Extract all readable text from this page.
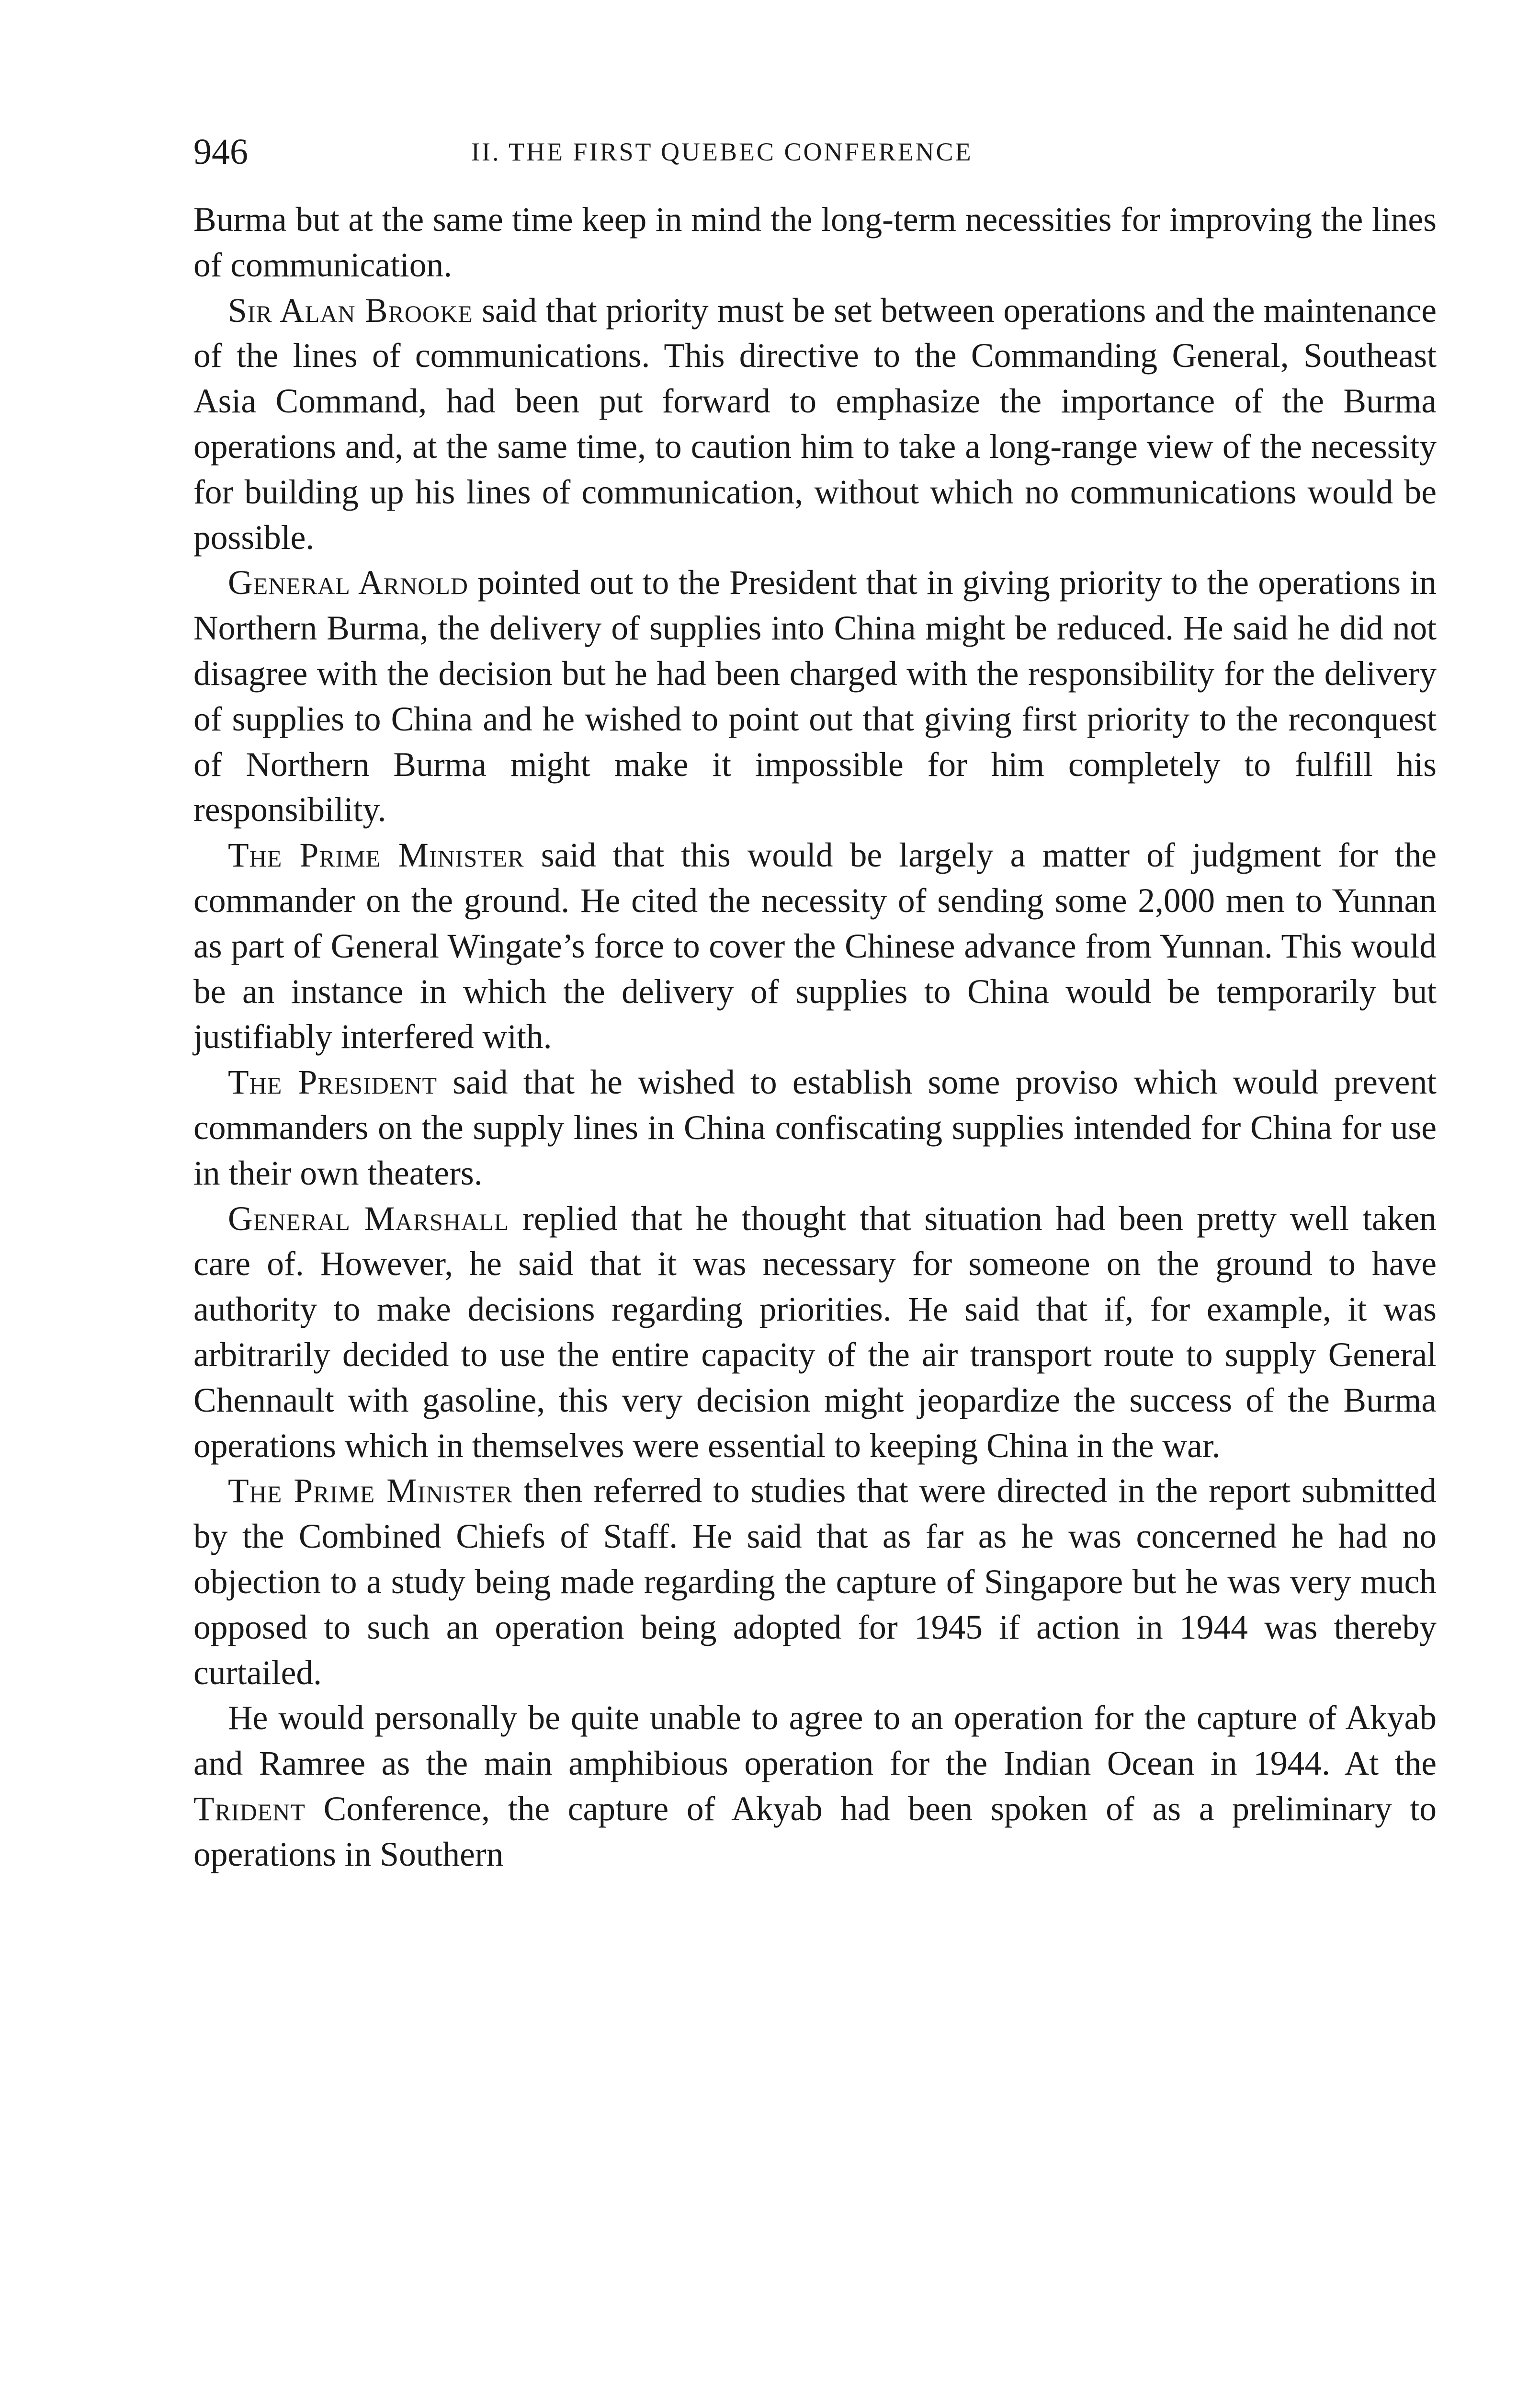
946	II. THE FIRST QUEBEC CONFERENCE

Burma but at the same time keep in mind the long-term necessities for improving the lines of communication.

Sir Alan Brooke said that priority must be set between operations and the maintenance of the lines of communications. This directive to the Commanding General, Southeast Asia Command, had been put forward to emphasize the importance of the Burma operations and, at the same time, to caution him to take a long-range view of the necessity for building up his lines of communication, without which no communications would be possible.

General Arnold pointed out to the President that in giving priority to the operations in Northern Burma, the delivery of supplies into China might be reduced. He said he did not disagree with the decision but he had been charged with the responsibility for the delivery of supplies to China and he wished to point out that giving first priority to the reconquest of Northern Burma might make it impossible for him completely to fulfill his responsibility.

The Prime Minister said that this would be largely a matter of judgment for the commander on the ground. He cited the necessity of sending some 2,000 men to Yunnan as part of General Wingate’s force to cover the Chinese advance from Yunnan. This would be an instance in which the delivery of supplies to China would be temporarily but justifiably interfered with.

The President said that he wished to establish some proviso which would prevent commanders on the supply lines in China confiscating supplies intended for China for use in their own theaters.

General Marshall replied that he thought that situation had been pretty well taken care of. However, he said that it was necessary for someone on the ground to have authority to make decisions regarding priorities. He said that if, for example, it was arbitrarily decided to use the entire capacity of the air transport route to supply General Chennault with gasoline, this very decision might jeopardize the success of the Burma operations which in themselves were essential to keeping China in the war.

The Prime Minister then referred to studies that were directed in the report submitted by the Combined Chiefs of Staff. He said that as far as he was concerned he had no objection to a study being made regarding the capture of Singapore but he was very much opposed to such an operation being adopted for 1945 if action in 1944 was thereby curtailed.

He would personally be quite unable to agree to an operation for the capture of Akyab and Ramree as the main amphibious operation for the Indian Ocean in 1944. At the Trident Conference, the capture of Akyab had been spoken of as a preliminary to operations in Southern
